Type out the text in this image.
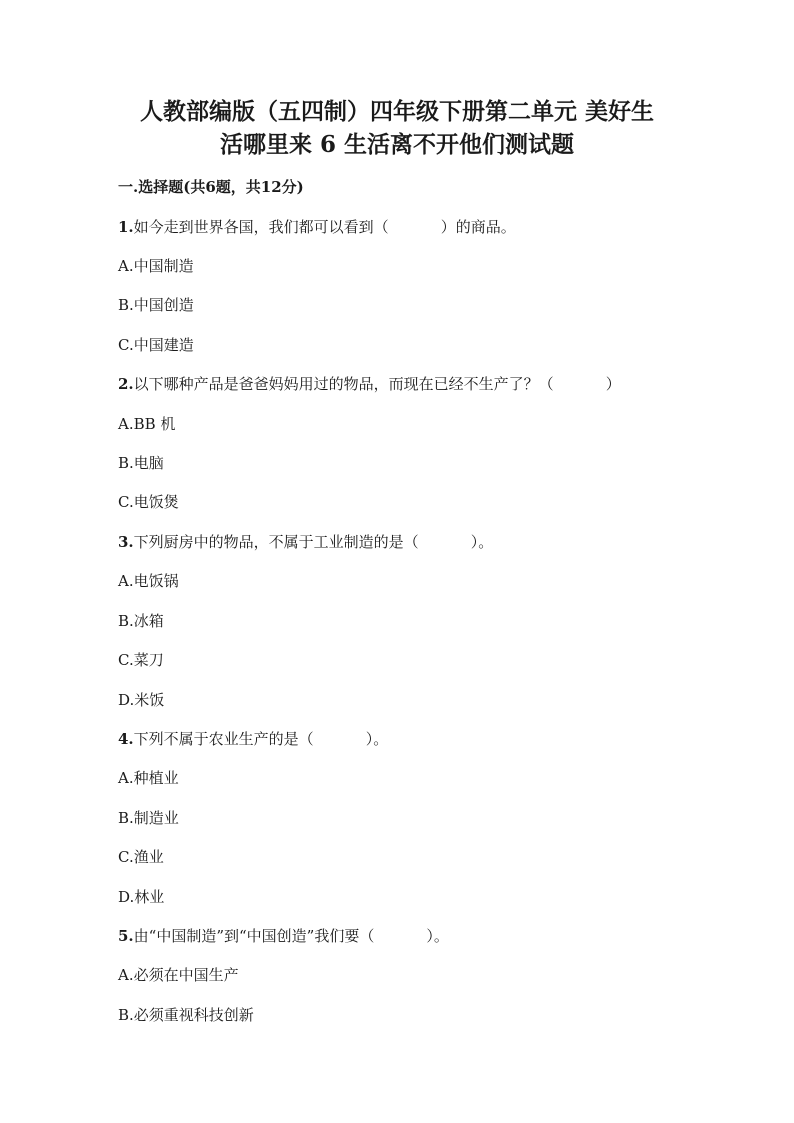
人教部编版（五四制）四年级下册第二单元 美好生
活哪里来 6 生活离不开他们测试题
一.选择题(共6题，共12分)
1.如今走到世界各国，我们都可以看到（	）的商品。
A.中国制造
B.中国创造
C.中国建造
2.以下哪种产品是爸爸妈妈用过的物品，而现在已经不生产了？（	）
A.BB 机
B.电脑
C.电饭煲
3.下列厨房中的物品，不属于工业制造的是（	）。
A.电饭锅
B.冰箱
C.菜刀
D.米饭
4.下列不属于农业生产的是（	）。
A.种植业
B.制造业
C.渔业
D.林业
5.由“中国制造”到“中国创造”我们要（	）。
A.必须在中国生产
B.必须重视科技创新
